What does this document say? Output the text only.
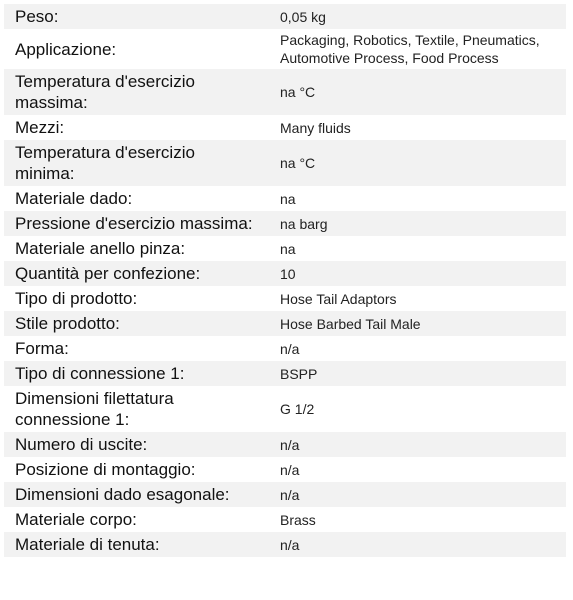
Peso:	0,05 kg
Applicazione:	Packaging, Robotics, Textile, Pneumatics, Automotive Process, Food Process
Temperatura d'esercizio massima:	na °C
Mezzi:	Many fluids
Temperatura d'esercizio minima:	na °C
Materiale dado:	na
Pressione d'esercizio massima:	na barg
Materiale anello pinza:	na
Quantità per confezione:	10
Tipo di prodotto:	Hose Tail Adaptors
Stile prodotto:	Hose Barbed Tail Male
Forma:	n/a
Tipo di connessione 1:	BSPP
Dimensioni filettatura connessione 1:	G 1/2
Numero di uscite:	n/a
Posizione di montaggio:	n/a
Dimensioni dado esagonale:	n/a
Materiale corpo:	Brass
Materiale di tenuta:	n/a
